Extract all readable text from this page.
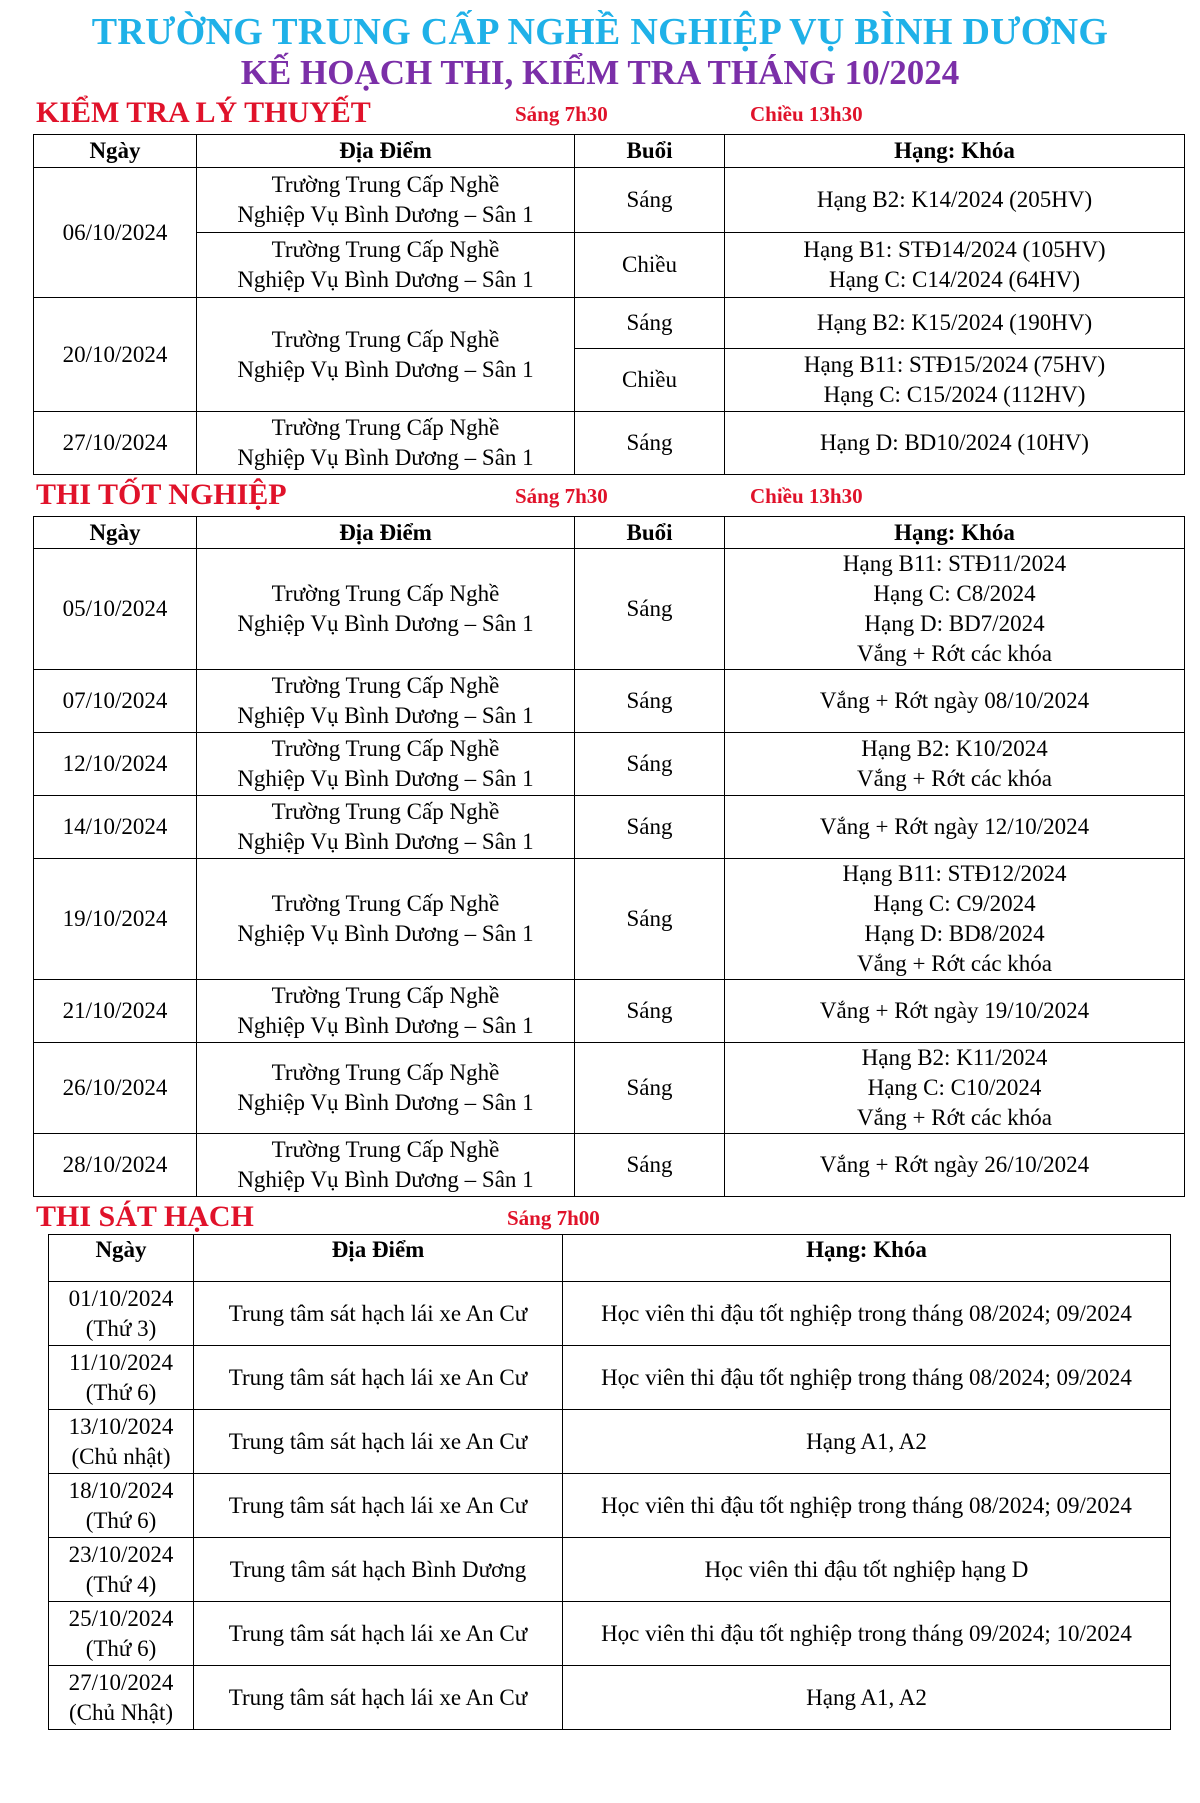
TRƯỜNG TRUNG CẤP NGHỀ NGHIỆP VỤ BÌNH DƯƠNG
KẾ HOẠCH THI, KIỂM TRA THÁNG 10/2024
KIỂM TRA LÝ THUYẾT	Sáng 7h30	Chiều 13h30
Ngày	Địa Điểm	Buổi	Hạng: Khóa
06/10/2024	Trường Trung Cấp Nghề
Nghiệp Vụ Bình Dương – Sân 1	Sáng	Hạng B2: K14/2024 (205HV)
	Trường Trung Cấp Nghề
Nghiệp Vụ Bình Dương – Sân 1	Chiều	Hạng B1: STĐ14/2024 (105HV)
Hạng C: C14/2024 (64HV)
20/10/2024	Trường Trung Cấp Nghề
Nghiệp Vụ Bình Dương – Sân 1	Sáng	Hạng B2: K15/2024 (190HV)
		Chiều	Hạng B11: STĐ15/2024 (75HV)
Hạng C: C15/2024 (112HV)
27/10/2024	Trường Trung Cấp Nghề
Nghiệp Vụ Bình Dương – Sân 1	Sáng	Hạng D: BD10/2024 (10HV)
THI TỐT NGHIỆP	Sáng 7h30	Chiều 13h30
Ngày	Địa Điểm	Buổi	Hạng: Khóa
05/10/2024	Trường Trung Cấp Nghề
Nghiệp Vụ Bình Dương – Sân 1	Sáng	Hạng B11: STĐ11/2024
Hạng C: C8/2024
Hạng D: BD7/2024
Vắng + Rớt các khóa
07/10/2024	Trường Trung Cấp Nghề
Nghiệp Vụ Bình Dương – Sân 1	Sáng	Vắng + Rớt ngày 08/10/2024
12/10/2024	Trường Trung Cấp Nghề
Nghiệp Vụ Bình Dương – Sân 1	Sáng	Hạng B2: K10/2024
Vắng + Rớt các khóa
14/10/2024	Trường Trung Cấp Nghề
Nghiệp Vụ Bình Dương – Sân 1	Sáng	Vắng + Rớt ngày 12/10/2024
19/10/2024	Trường Trung Cấp Nghề
Nghiệp Vụ Bình Dương – Sân 1	Sáng	Hạng B11: STĐ12/2024
Hạng C: C9/2024
Hạng D: BD8/2024
Vắng + Rớt các khóa
21/10/2024	Trường Trung Cấp Nghề
Nghiệp Vụ Bình Dương – Sân 1	Sáng	Vắng + Rớt ngày 19/10/2024
26/10/2024	Trường Trung Cấp Nghề
Nghiệp Vụ Bình Dương – Sân 1	Sáng	Hạng B2: K11/2024
Hạng C: C10/2024
Vắng + Rớt các khóa
28/10/2024	Trường Trung Cấp Nghề
Nghiệp Vụ Bình Dương – Sân 1	Sáng	Vắng + Rớt ngày 26/10/2024
THI SÁT HẠCH	Sáng 7h00
Ngày	Địa Điểm	Hạng: Khóa
01/10/2024
(Thứ 3)	Trung tâm sát hạch lái xe An Cư	Học viên thi đậu tốt nghiệp trong tháng 08/2024; 09/2024
11/10/2024
(Thứ 6)	Trung tâm sát hạch lái xe An Cư	Học viên thi đậu tốt nghiệp trong tháng 08/2024; 09/2024
13/10/2024
(Chủ nhật)	Trung tâm sát hạch lái xe An Cư	Hạng A1, A2
18/10/2024
(Thứ 6)	Trung tâm sát hạch lái xe An Cư	Học viên thi đậu tốt nghiệp trong tháng 08/2024; 09/2024
23/10/2024
(Thứ 4)	Trung tâm sát hạch Bình Dương	Học viên thi đậu tốt nghiệp hạng D
25/10/2024
(Thứ 6)	Trung tâm sát hạch lái xe An Cư	Học viên thi đậu tốt nghiệp trong tháng 09/2024; 10/2024
27/10/2024
(Chủ Nhật)	Trung tâm sát hạch lái xe An Cư	Hạng A1, A2
